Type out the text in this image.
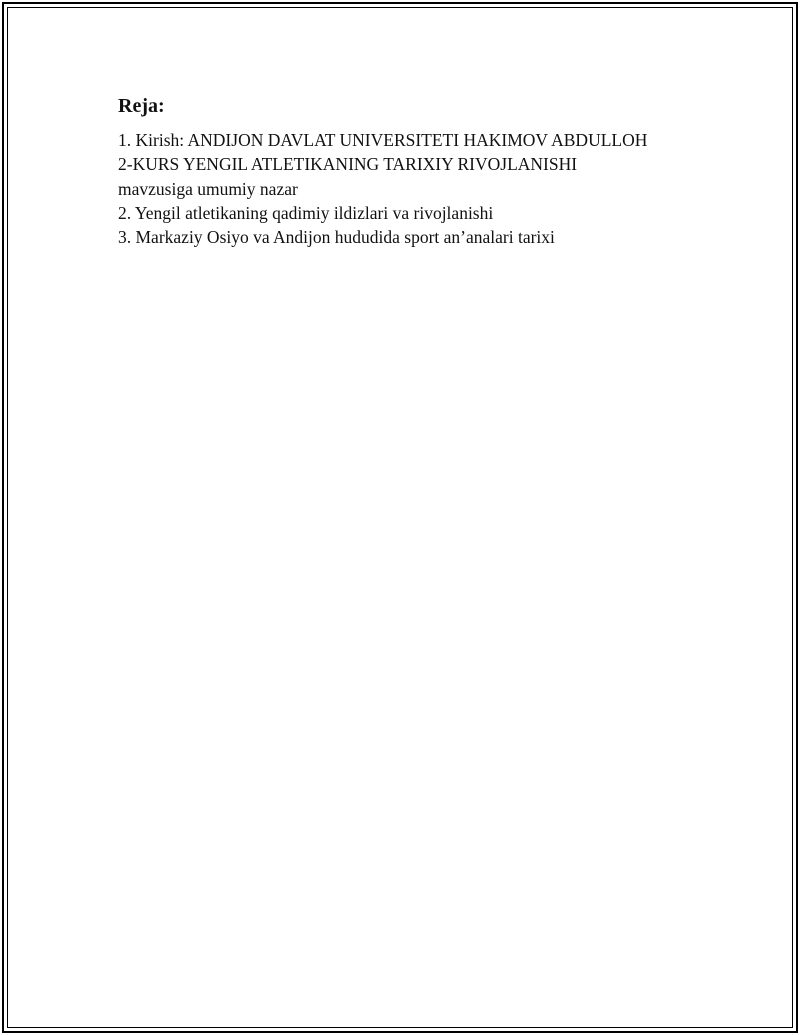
Reja:
1. Kirish: ANDIJON DAVLAT UNIVERSITETI HAKIMOV ABDULLOH
2-KURS YENGIL ATLETIKANING TARIXIY RIVOJLANISHI
mavzusiga umumiy nazar
2. Yengil atletikaning qadimiy ildizlari va rivojlanishi
3. Markaziy Osiyo va Andijon hududida sport an’analari tarixi
